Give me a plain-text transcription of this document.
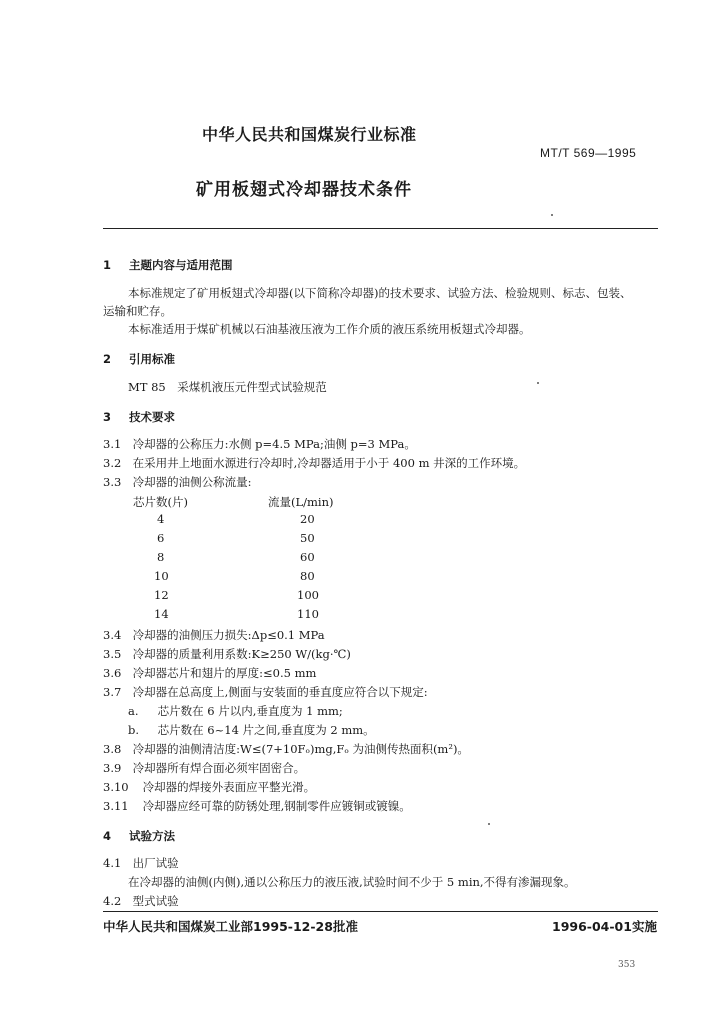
中华人民共和国煤炭行业标准
MT/T 569—1995
矿用板翅式冷却器技术条件
1 主题内容与适用范围
本标准规定了矿用板翅式冷却器(以下简称冷却器)的技术要求、试验方法、检验规则、标志、包装、
运输和贮存。
本标准适用于煤矿机械以石油基液压液为工作介质的液压系统用板翅式冷却器。
2 引用标准
MT 85　采煤机液压元件型式试验规范
3 技术要求
3.1 冷却器的公称压力:水侧 p=4.5 MPa;油侧 p=3 MPa。
3.2 在采用井上地面水源进行冷却时,冷却器适用于小于 400 m 井深的工作环境。
3.3 冷却器的油侧公称流量:
芯片数(片)	流量(L/min)
4	20
6	50
8	60
10	80
12	100
14	110
3.4 冷却器的油侧压力损失:Δp≤0.1 MPa
3.5 冷却器的质量利用系数:K≥250 W/(kg·℃)
3.6 冷却器芯片和翅片的厚度:≤0.5 mm
3.7 冷却器在总高度上,侧面与安装面的垂直度应符合以下规定:
a. 芯片数在 6 片以内,垂直度为 1 mm;
b. 芯片数在 6~14 片之间,垂直度为 2 mm。
3.8 冷却器的油侧清洁度:W≤(7+10Fₒ)mg,Fₒ 为油侧传热面积(m²)。
3.9 冷却器所有焊合面必须牢固密合。
3.10 冷却器的焊接外表面应平整光滑。
3.11 冷却器应经可靠的防锈处理,钢制零件应镀铜或镀镍。
4 试验方法
4.1 出厂试验
在冷却器的油侧(内侧),通以公称压力的液压液,试验时间不少于 5 min,不得有渗漏现象。
4.2 型式试验
中华人民共和国煤炭工业部1995-12-28批准	1996-04-01实施
353
